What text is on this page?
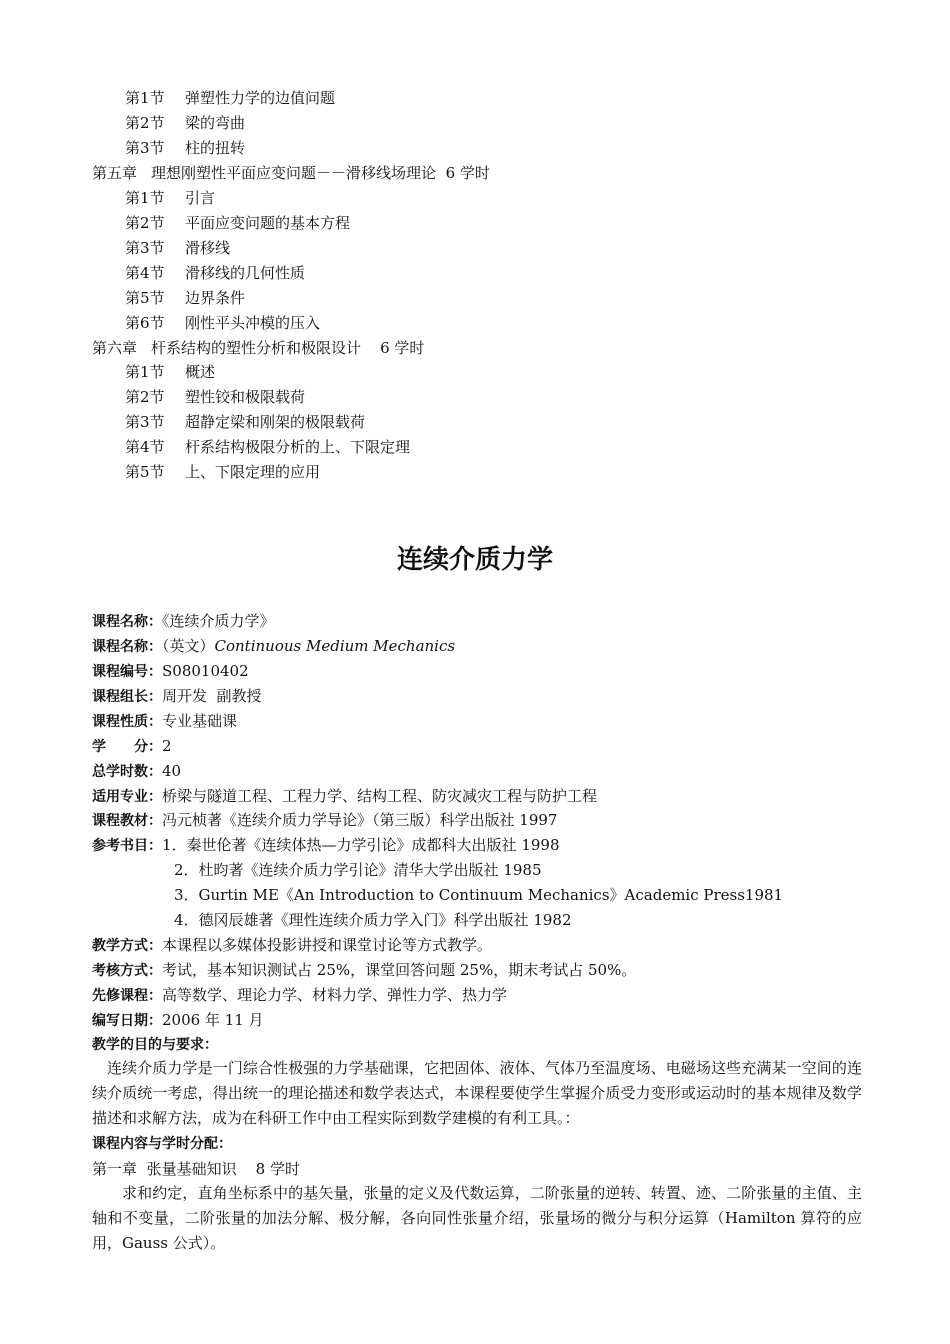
第1节 弹塑性力学的边值问题
第2节 梁的弯曲
第3节 柱的扭转
第五章 理想刚塑性平面应变问题－－滑移线场理论 6 学时
第1节 引言
第2节 平面应变问题的基本方程
第3节 滑移线
第4节 滑移线的几何性质
第5节 边界条件
第6节 刚性平头冲模的压入
第六章 杆系结构的塑性分析和极限设计 6 学时
第1节 概述
第2节 塑性铰和极限载荷
第3节 超静定梁和刚架的极限载荷
第4节 杆系结构极限分析的上、下限定理
第5节 上、下限定理的应用
连续介质力学
课程名称：《连续介质力学》
课程名称：（英文）Continuous Medium Mechanics
课程编号：S08010402
课程组长：周开发  副教授
课程性质：专业基础课
学　　分：2
总学时数：40
适用专业：桥梁与隧道工程、工程力学、结构工程、防灾减灾工程与防护工程
课程教材：冯元桢著《连续介质力学导论》（第三版）科学出版社 1997
参考书目：1．秦世伦著《连续体热—力学引论》成都科大出版社 1998
2．杜昀著《连续介质力学引论》清华大学出版社 1985
3．Gurtin ME《An Introduction to Continuum Mechanics》Academic Press1981
4．德冈辰雄著《理性连续介质力学入门》科学出版社 1982
教学方式：本课程以多媒体投影讲授和课堂讨论等方式教学。
考核方式：考试，基本知识测试占 25%，课堂回答问题 25%，期末考试占 50%。
先修课程：高等数学、理论力学、材料力学、弹性力学、热力学
编写日期：2006 年 11 月
教学的目的与要求：
连续介质力学是一门综合性极强的力学基础课，它把固体、液体、气体乃至温度场、电磁场这些充满某一空间的连续介质统一考虑，得出统一的理论描述和数学表达式，本课程要使学生掌握介质受力变形或运动时的基本规律及数学描述和求解方法，成为在科研工作中由工程实际到数学建模的有利工具。：
课程内容与学时分配：
第一章 张量基础知识 8 学时
求和约定，直角坐标系中的基矢量，张量的定义及代数运算，二阶张量的逆转、转置、迹、二阶张量的主值、主轴和不变量，二阶张量的加法分解、极分解，各向同性张量介绍，张量场的微分与积分运算（Hamilton 算符的应用，Gauss 公式）。
